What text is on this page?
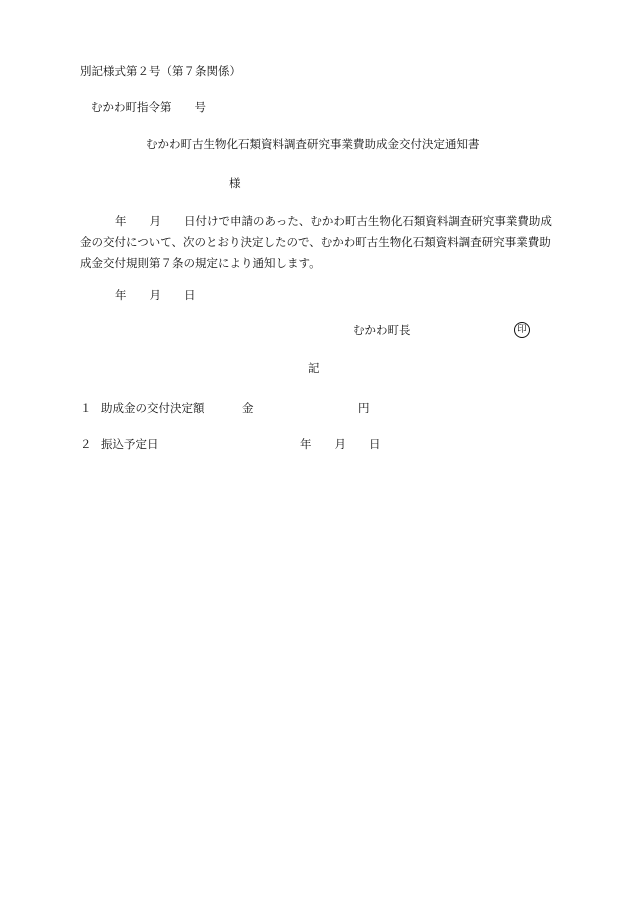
別記様式第２号（第７条関係）
むかわ町指令第　　号
むかわ町古生物化石類資料調査研究事業費助成金交付決定通知書
様

年　　月　　日付けで申請のあった、むかわ町古生物化石類資料調査研究事業費助成金の交付について、次のとおり決定したので、むかわ町古生物化石類資料調査研究事業費助成金交付規則第７条の規定により通知します。

年　　月　　日
むかわ町長	印
記
１ 助成金の交付決定額	金	円
２ 振込予定日	年　　月　　日
